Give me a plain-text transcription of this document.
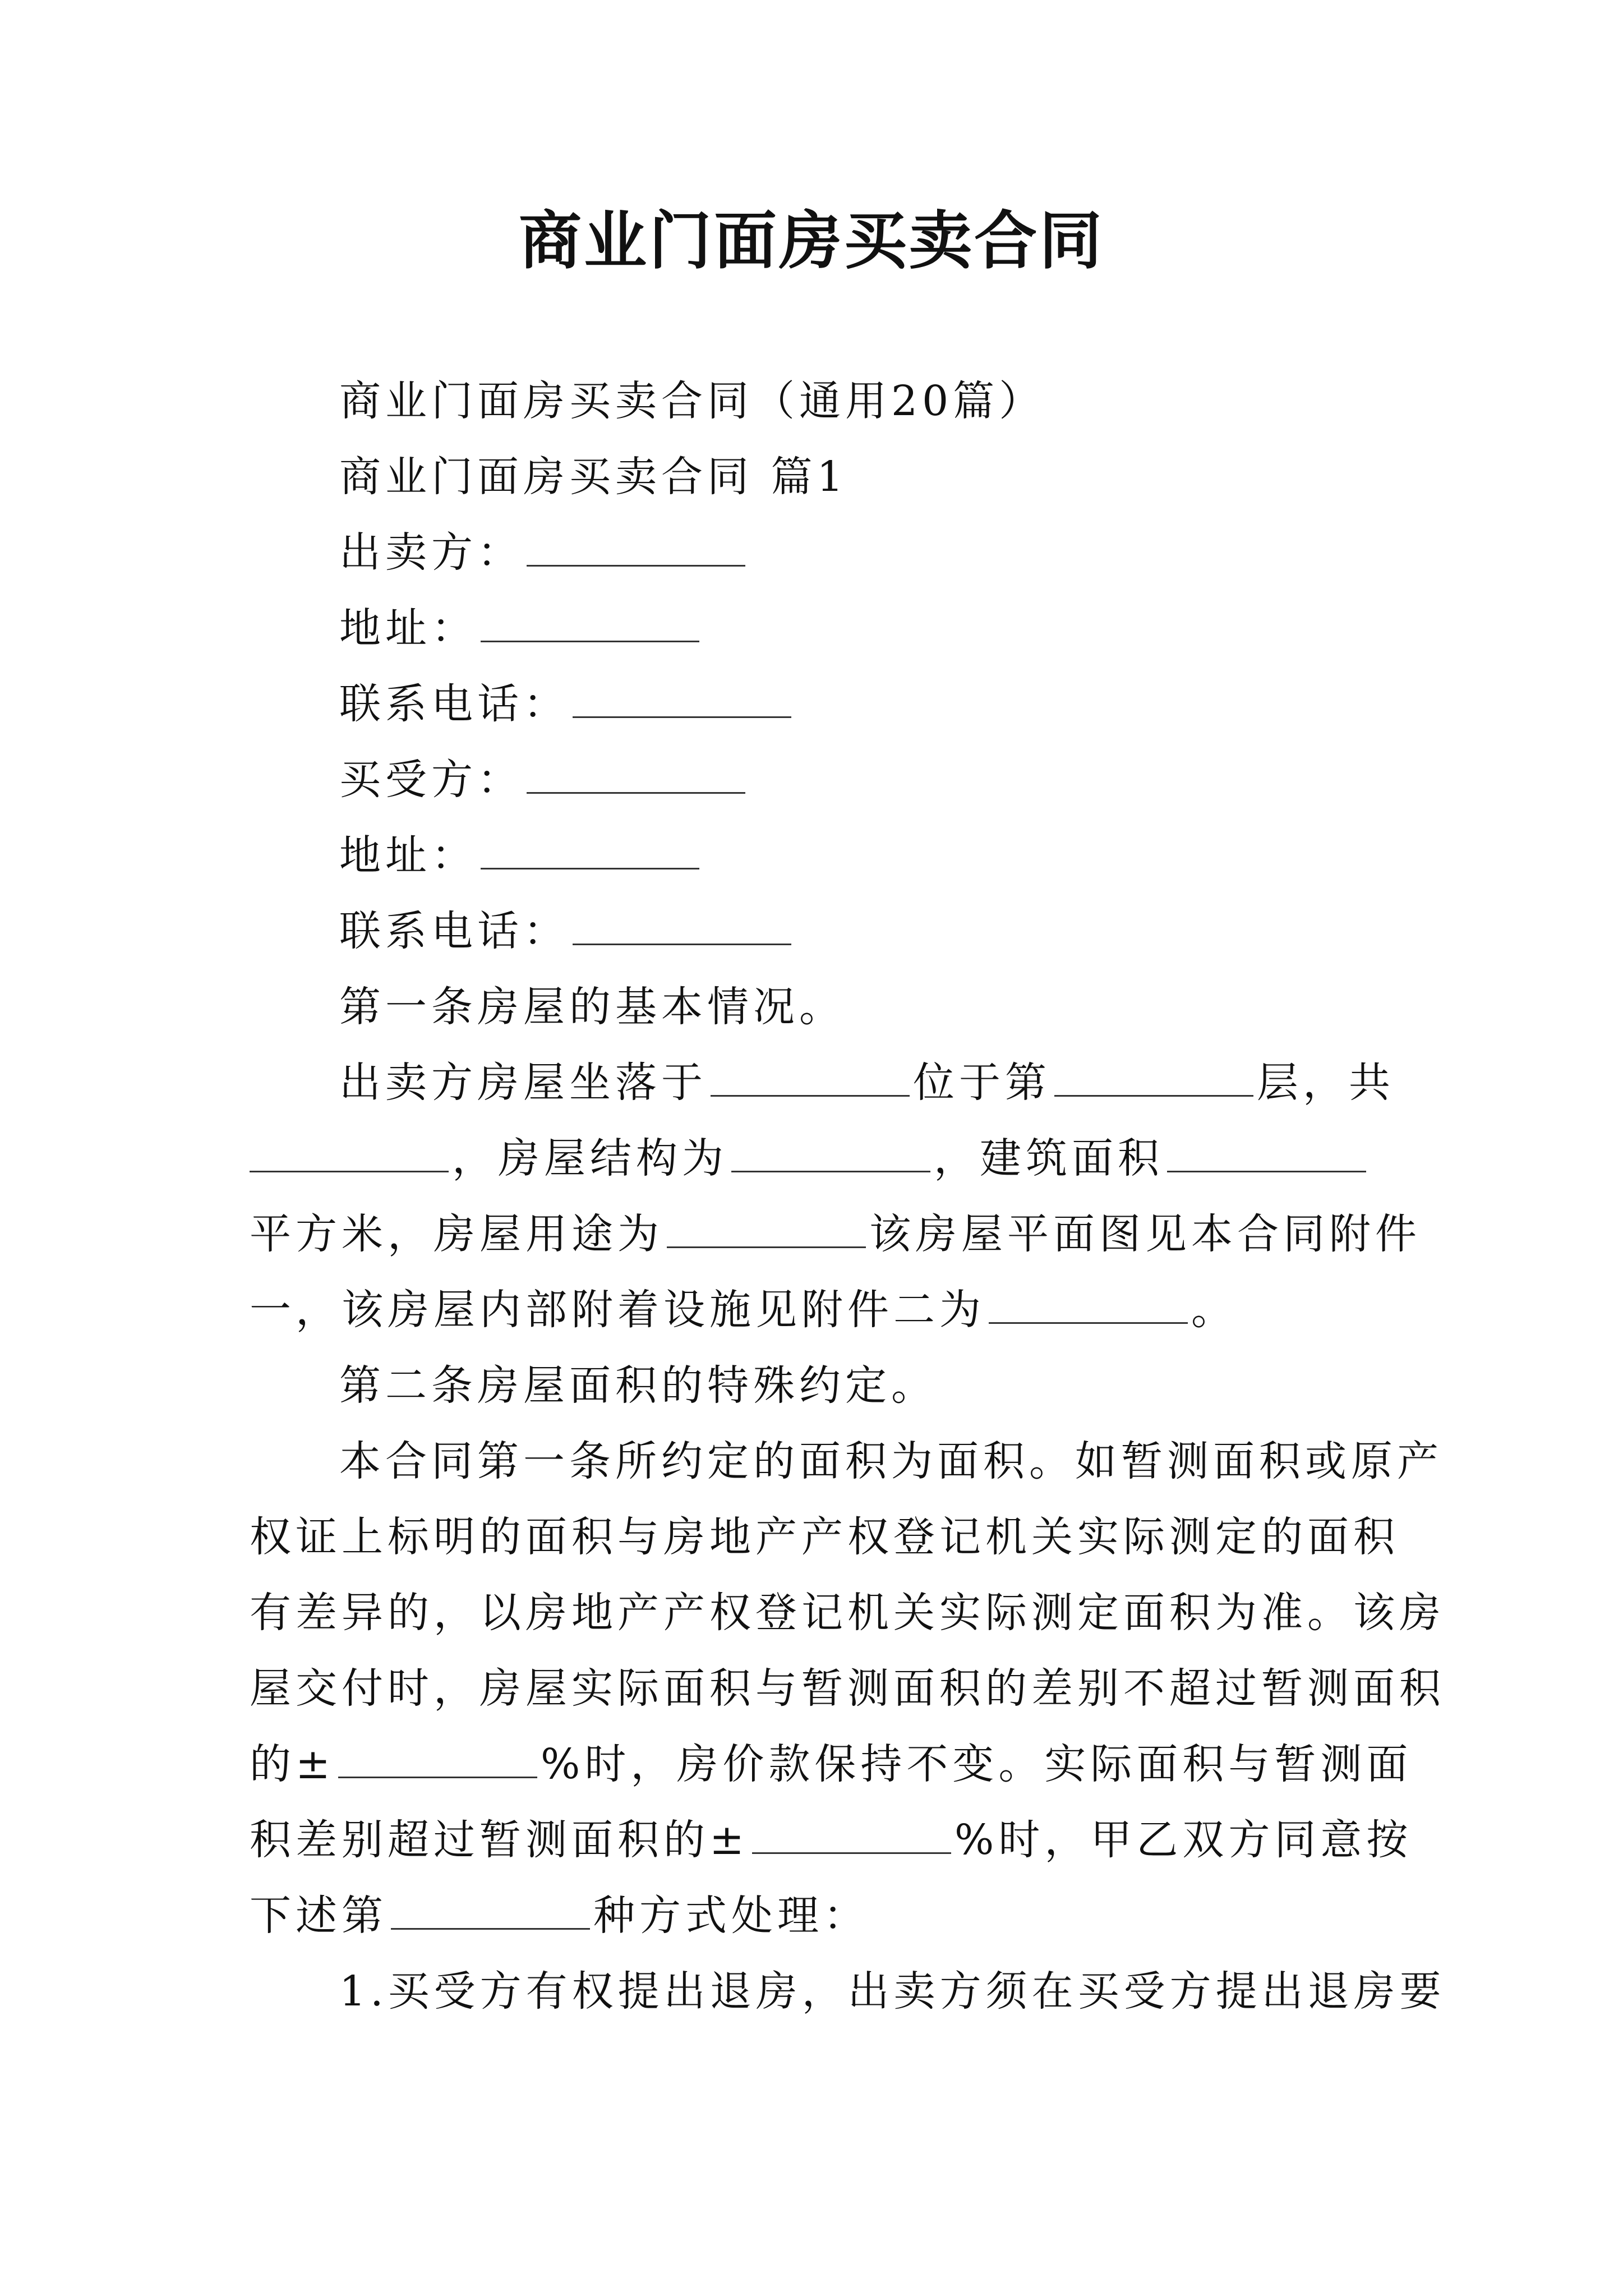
商业门面房买卖合同
商业门面房买卖合同（通用20篇）
商业门面房买卖合同 篇1
出卖方：
地址：
联系电话：
买受方：
地址：
联系电话：
第一条房屋的基本情况。
出卖方房屋坐落于	位于第	层，共
，房屋结构为	，建筑面积
平方米，房屋用途为	该房屋平面图见本合同附件
一，该房屋内部附着设施见附件二为	。
第二条房屋面积的特殊约定。
本合同第一条所约定的面积为面积。如暂测面积或原产
权证上标明的面积与房地产产权登记机关实际测定的面积
有差异的，以房地产产权登记机关实际测定面积为准。该房
屋交付时，房屋实际面积与暂测面积的差别不超过暂测面积
的±	%时，房价款保持不变。实际面积与暂测面
积差别超过暂测面积的±	%时，甲乙双方同意按
下述第	种方式处理：
1.买受方有权提出退房，出卖方须在买受方提出退房要
